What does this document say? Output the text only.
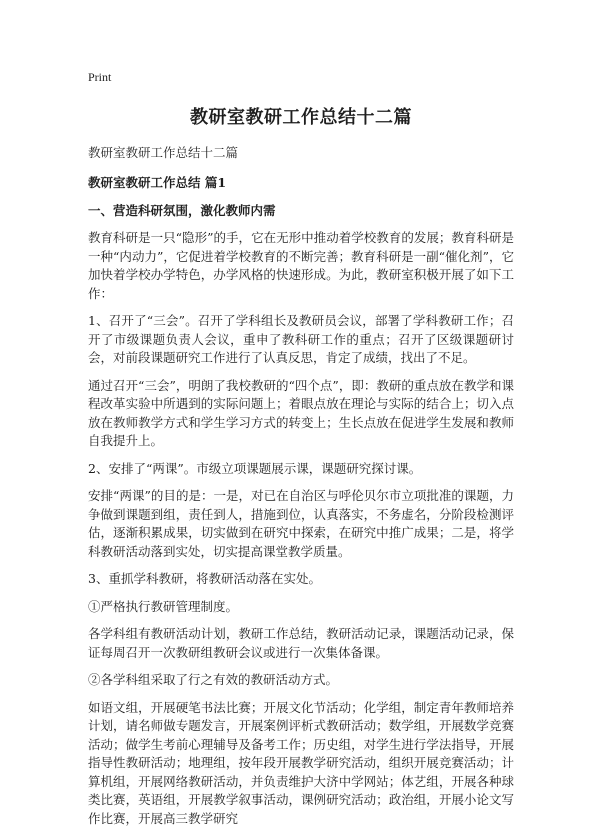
Print
教研室教研工作总结十二篇
教研室教研工作总结十二篇
教研室教研工作总结 篇1
一、营造科研氛围，激化教师内需

教育科研是一只“隐形”的手，它在无形中推动着学校教育的发展；教育科研是一种“内动力”，它促进着学校教育的不断完善；教育科研是一副“催化剂”，它加快着学校办学特色，办学风格的快速形成。为此，教研室积极开展了如下工作：

1、召开了“三会”。召开了学科组长及教研员会议，部署了学科教研工作；召开了市级课题负责人会议，重申了教科研工作的重点；召开了区级课题研讨会，对前段课题研究工作进行了认真反思，肯定了成绩，找出了不足。

通过召开“三会”，明朗了我校教研的“四个点”，即：教研的重点放在教学和课程改革实验中所遇到的实际问题上；着眼点放在理论与实际的结合上；切入点放在教师教学方式和学生学习方式的转变上；生长点放在促进学生发展和教师自我提升上。

2、安排了“两课”。市级立项课题展示课，课题研究探讨课。

安排“两课”的目的是：一是，对已在自治区与呼伦贝尔市立项批准的课题，力争做到课题到组，责任到人，措施到位，认真落实，不务虚名，分阶段检测评估，逐渐积累成果，切实做到在研究中探索，在研究中推广成果；二是，将学科教研活动落到实处，切实提高课堂教学质量。

3、重抓学科教研，将教研活动落在实处。

①严格执行教研管理制度。

各学科组有教研活动计划，教研工作总结，教研活动记录，课题活动记录，保证每周召开一次教研组教研会议或进行一次集体备课。

②各学科组采取了行之有效的教研活动方式。

如语文组，开展硬笔书法比赛；开展文化节活动；化学组，制定青年教师培养计划，请名师做专题发言，开展案例评析式教研活动；数学组，开展数学竞赛活动；做学生考前心理辅导及备考工作；历史组，对学生进行学法指导，开展指导性教研活动；地理组，按年段开展教学研究活动，组织开展竞赛活动；计算机组，开展网络教研活动，并负责维护大济中学网站；体艺组，开展各种球类比赛，英语组，开展教学叙事活动，课例研究活动；政治组，开展小论文写作比赛，开展高三教学研究
